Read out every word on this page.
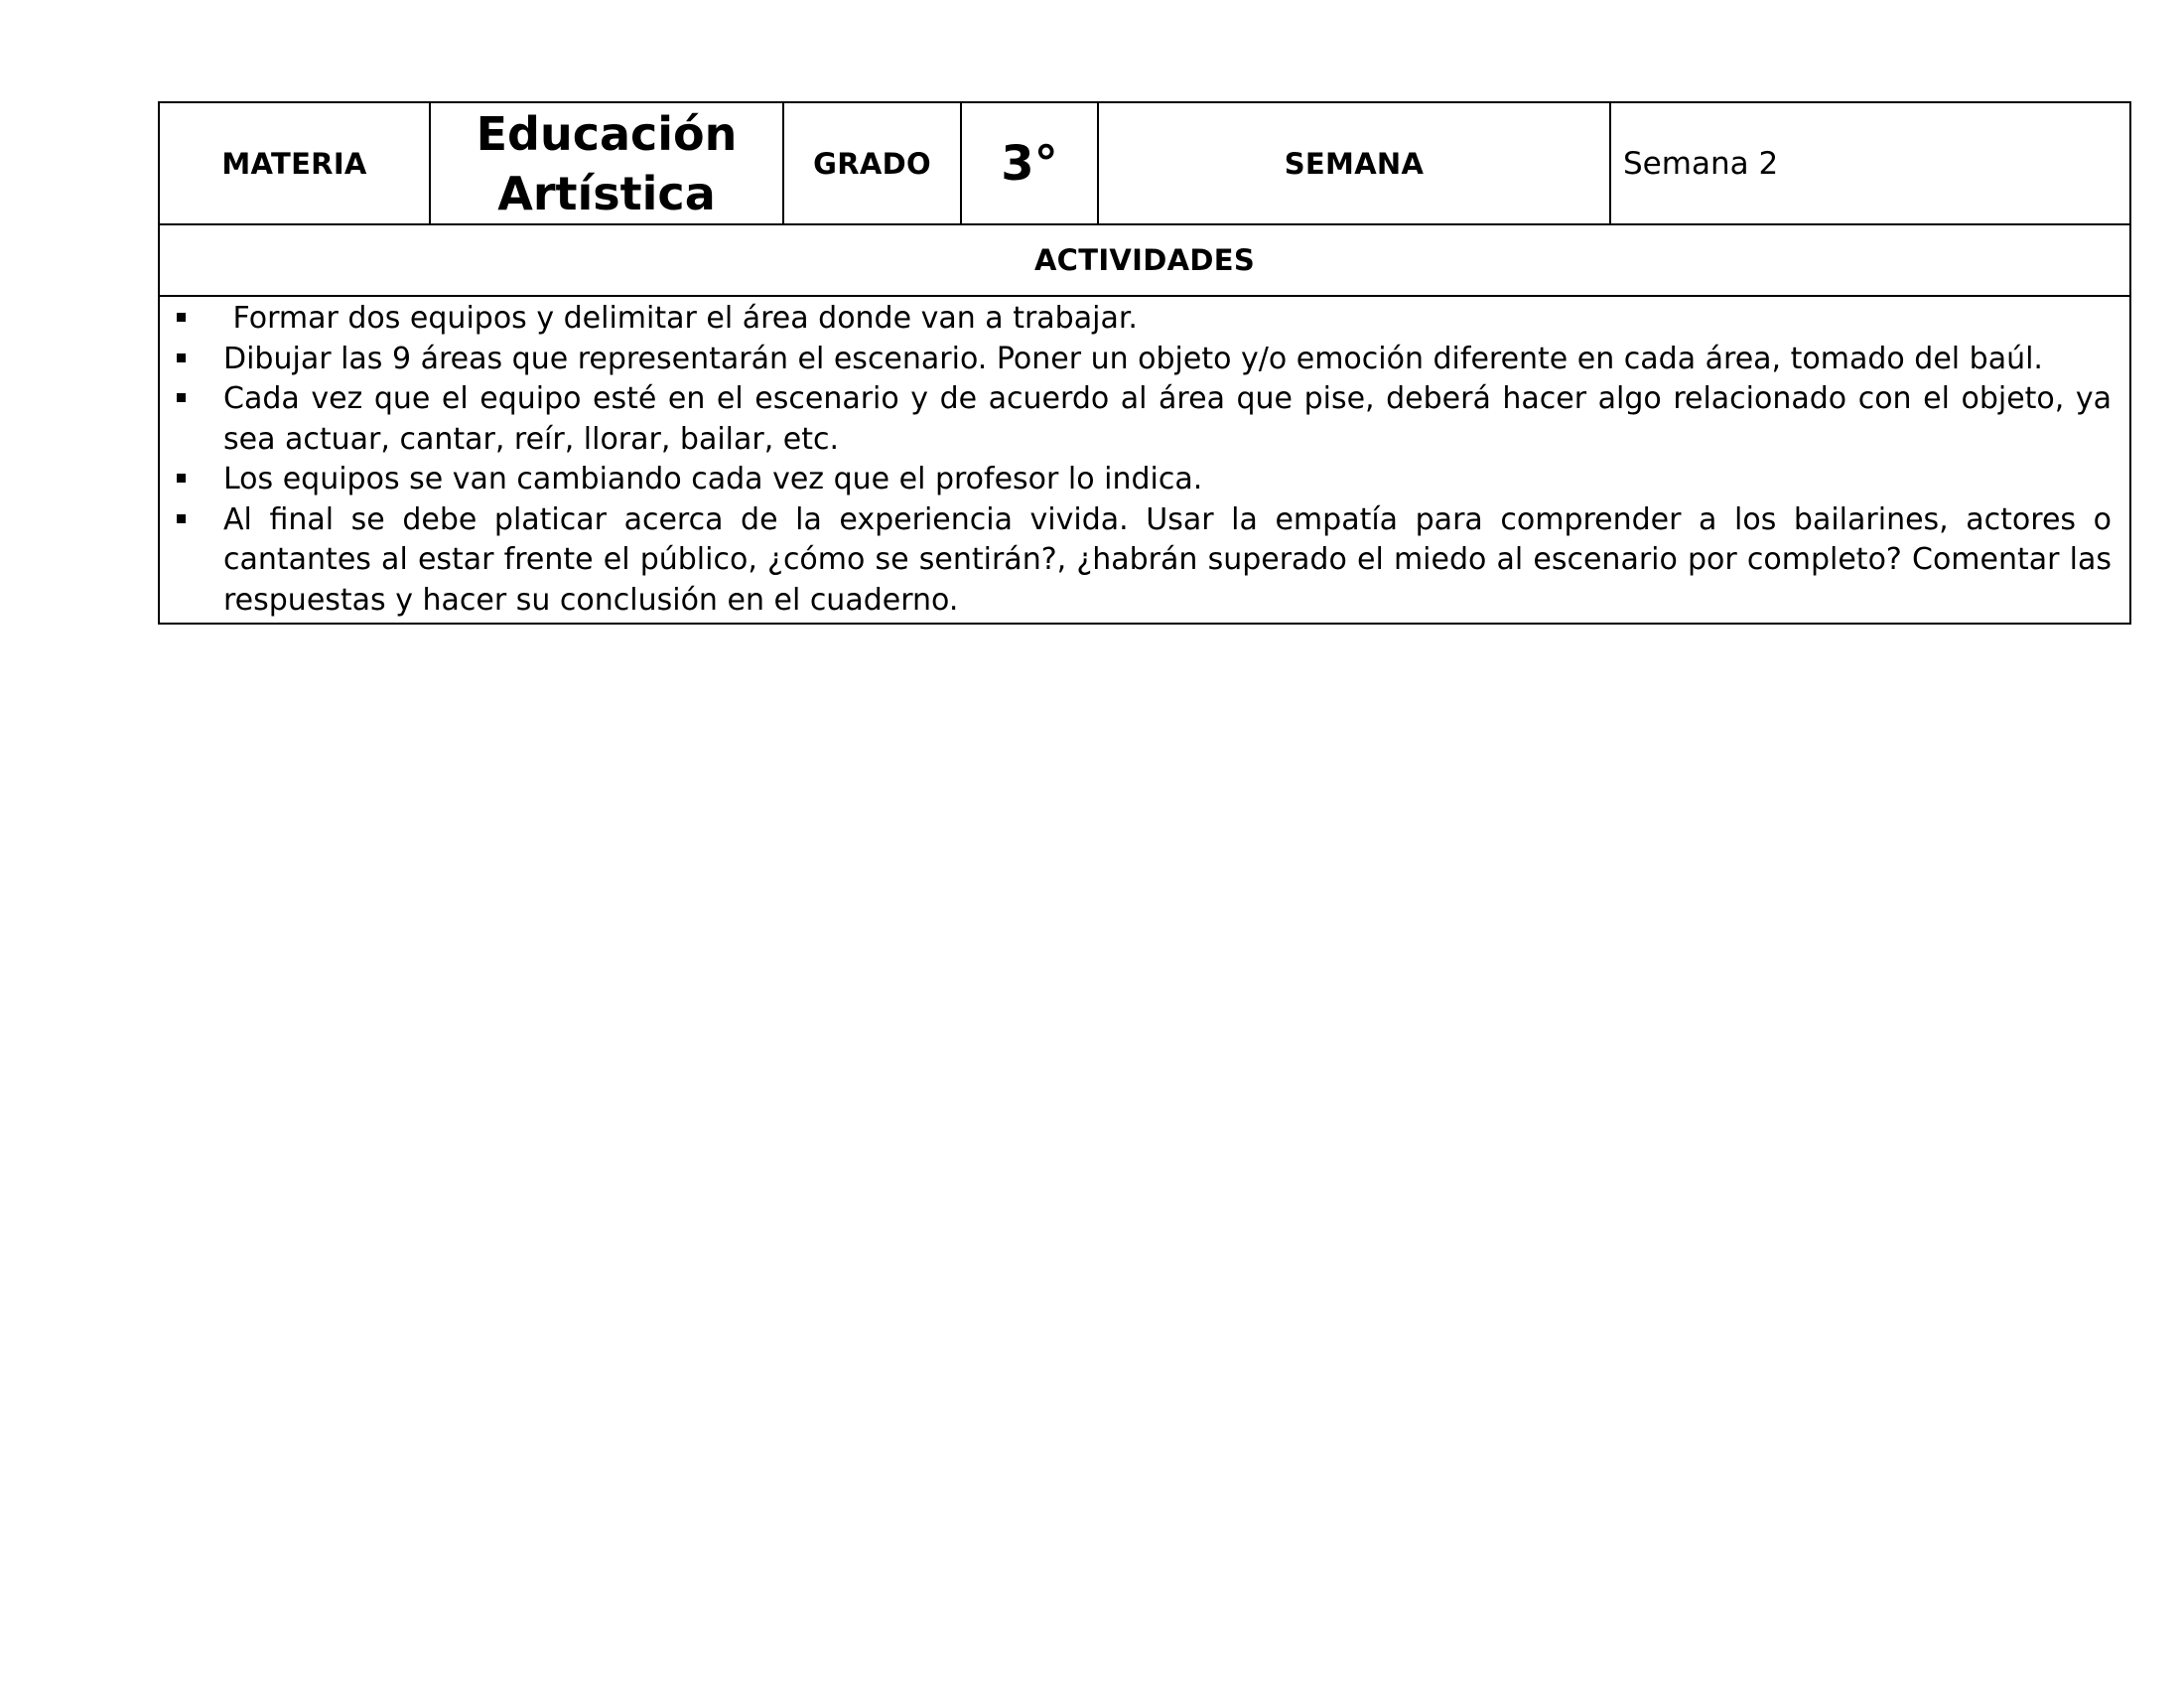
MATERIA	Educación Artística	GRADO	3°	SEMANA	Semana 2
ACTIVIDADES

Formar dos equipos y delimitar el área donde van a trabajar.
Dibujar las 9 áreas que representarán el escenario. Poner un objeto y/o emoción diferente en cada área, tomado del baúl.
Cada vez que el equipo esté en el escenario y de acuerdo al área que pise, deberá hacer algo relacionado con el objeto, ya sea actuar, cantar, reír, llorar, bailar, etc.
Los equipos se van cambiando cada vez que el profesor lo indica.
Al final se debe platicar acerca de la experiencia vivida. Usar la empatía para comprender a los bailarines, actores o cantantes al estar frente el público, ¿cómo se sentirán?, ¿habrán superado el miedo al escenario por completo? Comentar las respuestas y hacer su conclusión en el cuaderno.
